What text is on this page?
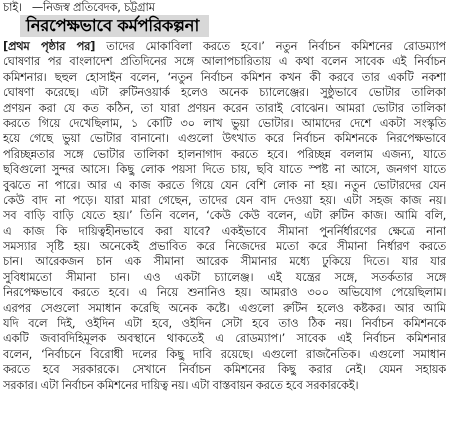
চাই। —নিজস্ব প্রতিবেদক, চট্টগ্রাম
নিরপেক্ষভাবে কর্মপরিকল্পনা
[প্রথম পৃষ্ঠার পর] তাদের মোকাবিলা করতে হবে।’ নতুন নির্বাচন কমিশনের রোডম্যাপ
ঘোষণার পর বাংলাদেশ প্রতিদিনের সঙ্গে আলাপচারিতায় এ কথা বলেন সাবেক এই নির্বাচন
কমিশনার। ছহুল হোসাইন বলেন, ‘নতুন নির্বাচন কমিশন কখন কী করবে তার একটি নকশা
ঘোষণা করেছে। এটা রুটিনওয়ার্ক হলেও অনেক চ্যালেঞ্জের। সুষ্ঠুভাবে ভোটার তালিকা
প্রণয়ন করা যে কত কঠিন, তা যারা প্রণয়ন করেন তারাই বোঝেন। আমরা ভোটার তালিকা
করতে গিয়ে দেখেছিলাম, ১ কোটি ৩০ লাখ ভুয়া ভোটার। আমাদের দেশে একটা সংস্কৃতি
হয়ে গেছে ভুয়া ভোটার বানানো। এগুলো উৎখাত করে নির্বাচন কমিশনকে নিরপেক্ষভাবে
পরিচ্ছন্নতার সঙ্গে ভোটার তালিকা হালনাগাদ করতে হবে। পরিচ্ছন্ন বললাম এজন্য, যাতে
ছবিগুলো সুন্দর আসে। কিছু লোক পয়সা দিতে চায়, ছবি যাতে স্পষ্ট না আসে, জনগণ যাতে
বুঝতে না পারে। আর এ কাজ করতে গিয়ে যেন বেশি লোক না হয়। নতুন ভোটারদের যেন
কেউ বাদ না পড়ে। যারা মারা গেছেন, তাদের যেন বাদ দেওয়া হয়। এটা সহজ কাজ নয়।
সব বাড়ি বাড়ি যেতে হয়।’ তিনি বলেন, ‘কেউ কেউ বলেন, এটা রুটিন কাজ। আমি বলি,
এ কাজ কি দায়িত্বহীনভাবে করা যাবে? একইভাবে সীমানা পুনর্নির্ধারণের ক্ষেত্রে নানা
সমস্যার সৃষ্টি হয়। অনেকেই প্রভাবিত করে নিজেদের মতো করে সীমানা নির্ধারণ করতে
চান। আরেকজন চান এক সীমানা আরেক সীমানার মধ্যে ঢুকিয়ে দিতে। যার যার
সুবিধামতো সীমানা চান। এও একটা চ্যালেঞ্জ। এই যন্ত্রের সঙ্গে, সতর্কতার সঙ্গে
নিরপেক্ষভাবে করতে হবে। এ নিয়ে শুনানিও হয়। আমরাও ৩০০ অভিযোগ পেয়েছিলাম।
এরপর সেগুলো সমাধান করেছি অনেক কষ্টে। এগুলো রুটিন হলেও কষ্টকর। আর আমি
যদি বলে দিই, ওইদিন এটা হবে, ওইদিন সেটা হবে তাও ঠিক নয়। নির্বাচন কমিশনকে
একটি জবাবদিহিমূলক অবস্থানে থাকতেই এ রোডম্যাপ।’ সাবেক এই নির্বাচন কমিশনার
বলেন, ‘নির্বাচনে বিরোধী দলের কিছু দাবি রয়েছে। এগুলো রাজনৈতিক। এগুলো সমাধান
করতে হবে সরকারকে। সেখানে নির্বাচন কমিশনের কিছু করার নেই। যেমন সহায়ক
সরকার। এটা নির্বাচন কমিশনের দায়িত্ব নয়। এটা বাস্তবায়ন করতে হবে সরকারকেই।
